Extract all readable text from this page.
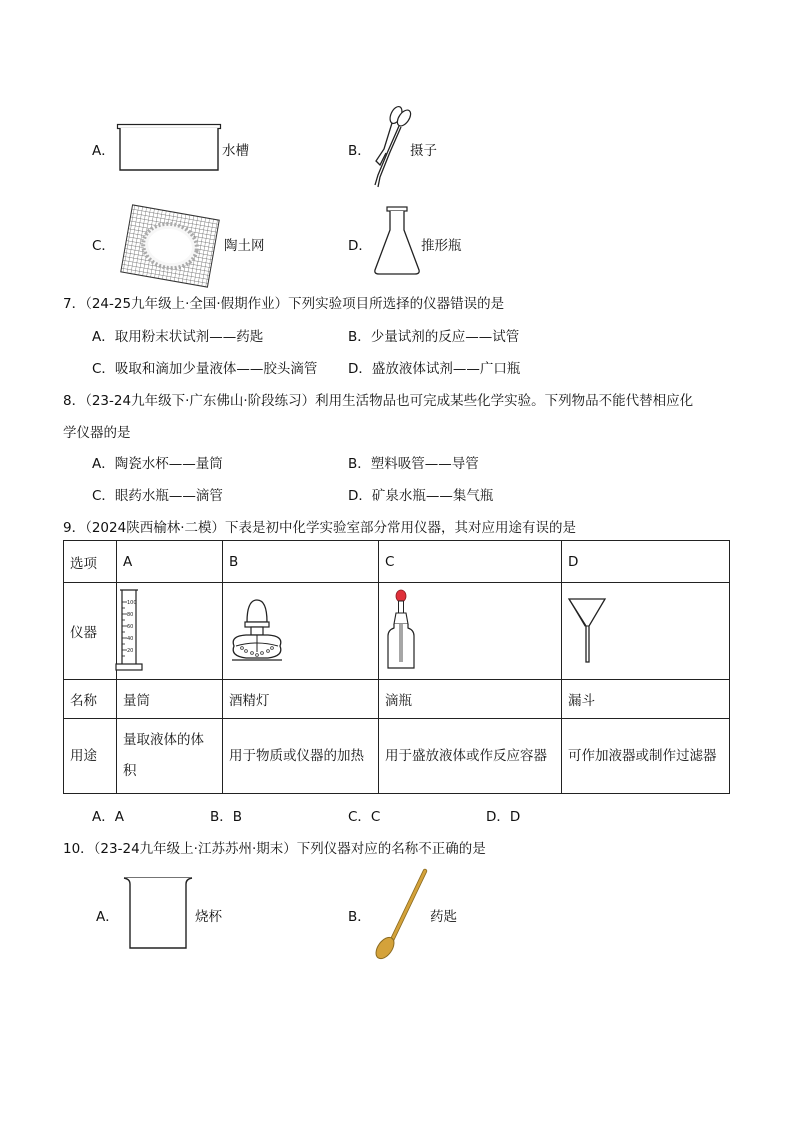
A．	水槽	B．	摄子
C．	陶土网	D．	推形瓶
7．（24-25九年级上·全国·假期作业）下列实验项目所选择的仪器错误的是
A．取用粉末状试剂——药匙	B．少量试剂的反应——试管
C．吸取和滴加少量液体——胶头滴管 D．盛放液体试剂——广口瓶
8．（23-24九年级下·广东佛山·阶段练习）利用生活物品也可完成某些化学实验。下列物品不能代替相应化
学仪器的是
A．陶瓷水杯——量筒	B．塑料吸管——导管
C．眼药水瓶——滴管	D．矿泉水瓶——集气瓶
9．（2024陕西榆林·二模）下表是初中化学实验室部分常用仪器，其对应用途有误的是
选项	A	B	C	D
仪器				
名称	量筒	酒精灯	滴瓶	漏斗
用途	量取液体的体积	用于物质或仪器的加热	用于盛放液体或作反应容器	可作加液器或制作过滤器
100
80
60
40
20
A．A	B．B	C．C	D．D
10．（23-24九年级上·江苏苏州·期末）下列仪器对应的名称不正确的是
A．	烧杯	B．	药匙
